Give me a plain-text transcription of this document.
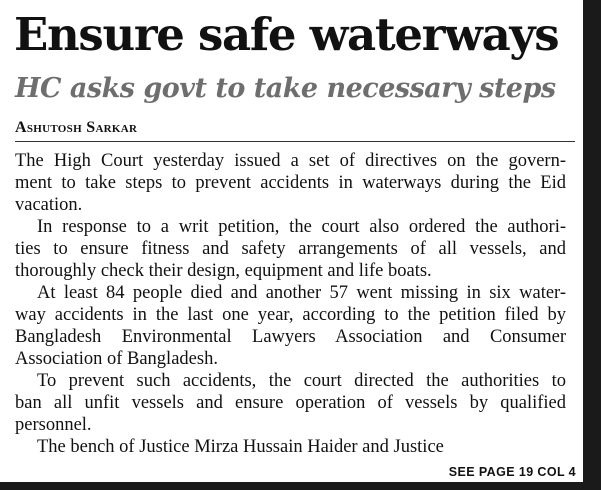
Ensure safe waterways
HC asks govt to take necessary steps
Ashutosh Sarkar
The High Court yesterday issued a set of directives on the govern-
ment to take steps to prevent accidents in waterways during the Eid
vacation.
In response to a writ petition, the court also ordered the authori-
ties to ensure fitness and safety arrangements of all vessels, and
thoroughly check their design, equipment and life boats.
At least 84 people died and another 57 went missing in six water-
way accidents in the last one year, according to the petition filed by
Bangladesh Environmental Lawyers Association and Consumer
Association of Bangladesh.
To prevent such accidents, the court directed the authorities to
ban all unfit vessels and ensure operation of vessels by qualified
personnel.
The bench of Justice Mirza Hussain Haider and Justice
SEE PAGE 19 COL 4
